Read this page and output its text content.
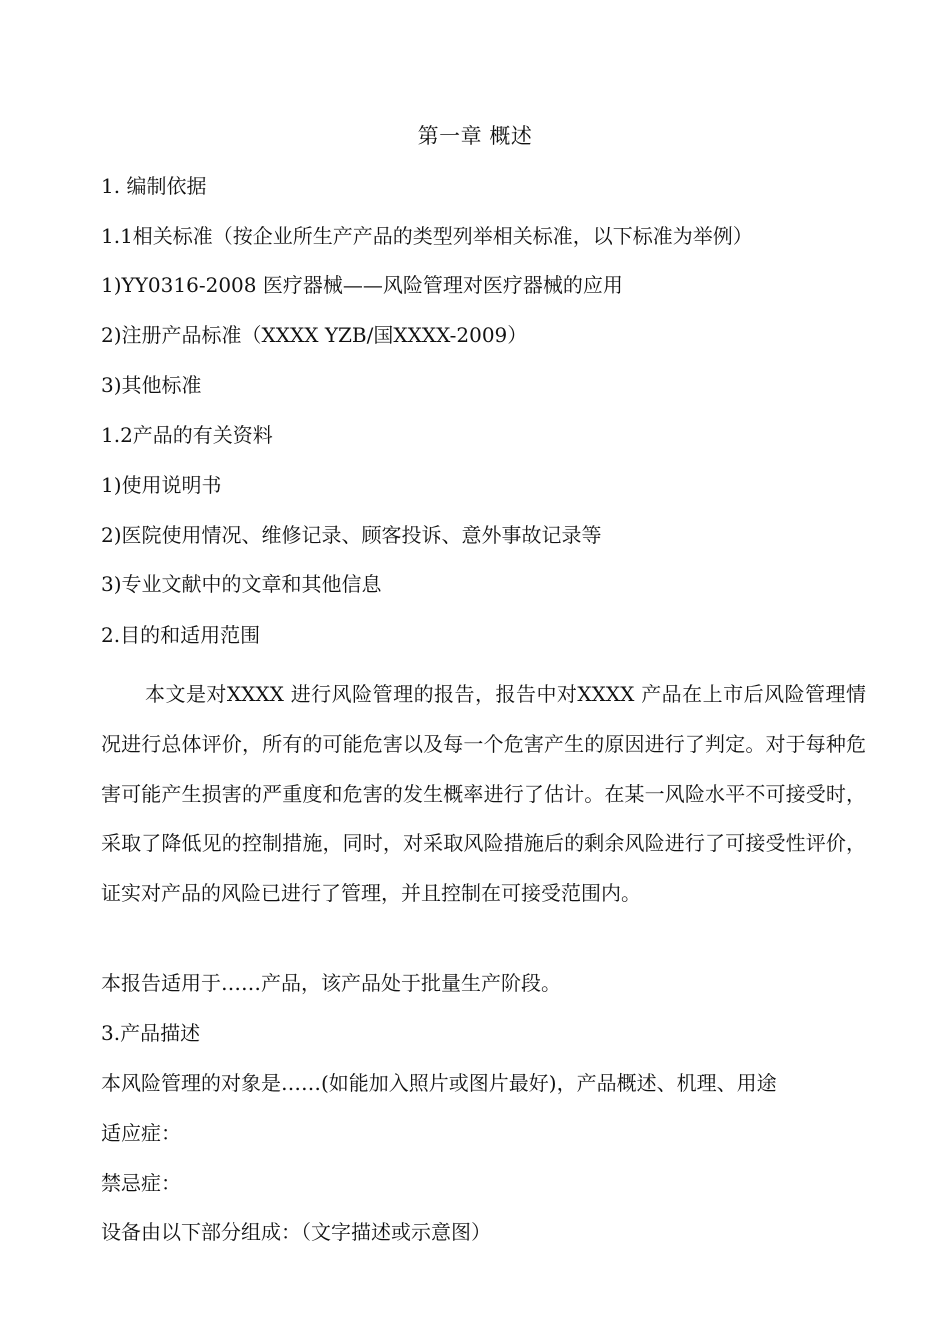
第一章 概述
1. 编制依据
1.1相关标准（按企业所生产产品的类型列举相关标准，以下标准为举例）
1)YY0316-2008 医疗器械——风险管理对医疗器械的应用
2)注册产品标准（XXXX YZB/国XXXX-2009）
3)其他标准
1.2产品的有关资料
1)使用说明书
2)医院使用情况、维修记录、顾客投诉、意外事故记录等
3)专业文献中的文章和其他信息
2.目的和适用范围
本文是对XXXX 进行风险管理的报告，报告中对XXXX 产品在上市后风险管理情况进行总体评价，所有的可能危害以及每一个危害产生的原因进行了判定。对于每种危害可能产生损害的严重度和危害的发生概率进行了估计。在某一风险水平不可接受时，采取了降低见的控制措施，同时，对采取风险措施后的剩余风险进行了可接受性评价，证实对产品的风险已进行了管理，并且控制在可接受范围内。
本报告适用于……产品，该产品处于批量生产阶段。
3.产品描述
本风险管理的对象是……(如能加入照片或图片最好)，产品概述、机理、用途
适应症：
禁忌症：
设备由以下部分组成：（文字描述或示意图）
